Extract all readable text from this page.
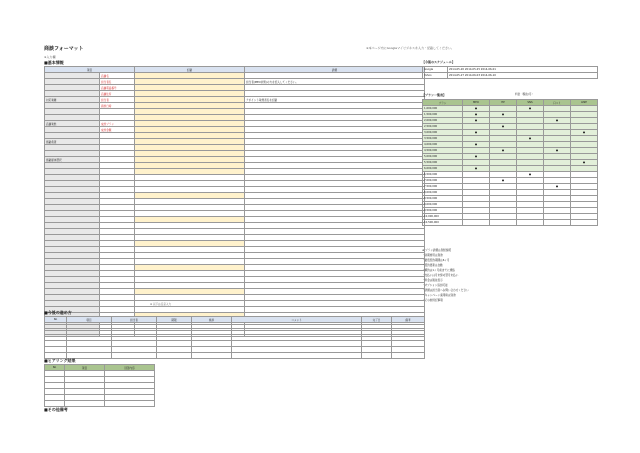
商談フォーマット
※入力欄
※本ページ内にGoogleマイビジネスを入力・記載してください。
■基本情報
項目		記載	詳細
	店舗名		
	担当者名		担当者(MEO対策)の方を記入してください。
	店舗電話番号		
	店舗住所		
対応業種	担当者		アポイント取得者名を記載
	商談日時		

店舗業態	成約プラン		
	成約金額		

掲載希望			

掲載媒体選択			

※ 以下は任意入力
■今後の進め方
No	項目	担当者	期限	進捗	コメント	完了日	備考

■ヒアリング結果
No	項目	回答内容

■その他備考
【今後のスケジュール】
Google	2014-05-20 2014-05-25 2014-06-01
Yahoo	2014-05-27 2014-06-03 2014-06-10
【プラン一覧表】	料金（税抜/月）
プラン	MEO	HP	SNS	口コミ	LINE
1,000,000	●		●		
1,500,000	●	●			
2,000,000	●			●	
2,500,000		●			
3,000,000	●				●
3,500,000			●		
4,000,000	●				
4,500,000		●		●	
5,000,000	●				
5,500,000					●
6,000,000	●				
6,500,000			●		
7,000,000		●			
7,500,000				●	
8,000,000					
8,500,000					
9,000,000					
9,500,000					
10,000,000					
10,500,000					
★ プラン詳細は別紙参照
・初期費用は別途
・最低契約期間は6ヶ月
・契約更新は自動
・解約は1ヶ月前までに連絡
・支払いは月末締め翌月末払い
・料金は税抜表示
・オプション追加可能
・詳細は担当者へお問い合わせください
・キャンペーン適用時は別途
・その他特記事項
